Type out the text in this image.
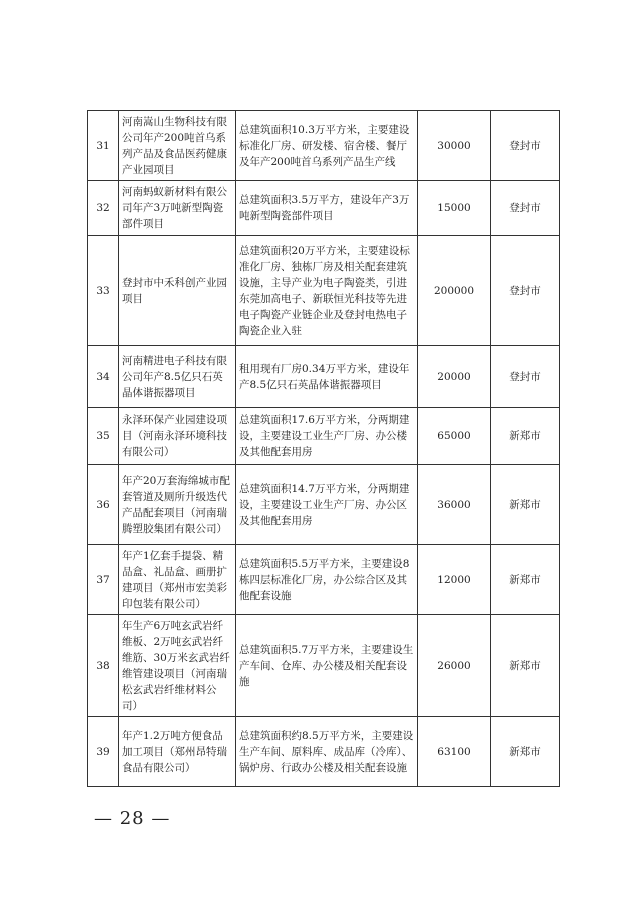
31	河南嵩山生物科技有限公司年产200吨首乌系列产品及食品医药健康产业园项目	总建筑面积10.3万平方米，主要建设标准化厂房、研发楼、宿舍楼、餐厅及年产200吨首乌系列产品生产线	30000	登封市
32	河南蚂蚁新材料有限公司年产3万吨新型陶瓷部件项目	总建筑面积3.5万平方，建设年产3万吨新型陶瓷部件项目	15000	登封市
33	登封市中禾科创产业园项目	总建筑面积20万平方米，主要建设标准化厂房、独栋厂房及相关配套建筑设施，主导产业为电子陶瓷类，引进东莞加高电子、新联恒光科技等先进电子陶瓷产业链企业及登封电热电子陶瓷企业入驻	200000	登封市
34	河南精进电子科技有限公司年产8.5亿只石英晶体谐振器项目	租用现有厂房0.34万平方米，建设年产8.5亿只石英晶体谐振器项目	20000	登封市
35	永泽环保产业园建设项目（河南永泽环境科技有限公司）	总建筑面积17.6万平方米，分两期建设，主要建设工业生产厂房、办公楼及其他配套用房	65000	新郑市
36	年产20万套海绵城市配套管道及厕所升级迭代产品配套项目（河南瑞腾塑胶集团有限公司）	总建筑面积14.7万平方米，分两期建设，主要建设工业生产厂房、办公区及其他配套用房	36000	新郑市
37	年产1亿套手提袋、精品盒、礼品盒、画册扩建项目（郑州市宏美彩印包装有限公司）	总建筑面积5.5万平方米，主要建设8栋四层标准化厂房，办公综合区及其他配套设施	12000	新郑市
38	年生产6万吨玄武岩纤维板、2万吨玄武岩纤维筋、30万米玄武岩纤维管建设项目（河南瑞松玄武岩纤维材料公司）	总建筑面积5.7万平方米，主要建设生产车间、仓库、办公楼及相关配套设施	26000	新郑市
39	年产1.2万吨方便食品加工项目（郑州昂特瑞食品有限公司）	总建筑面积约8.5万平方米，主要建设生产车间、原料库、成品库（冷库）、锅炉房、行政办公楼及相关配套设施	63100	新郑市
— 28 —
